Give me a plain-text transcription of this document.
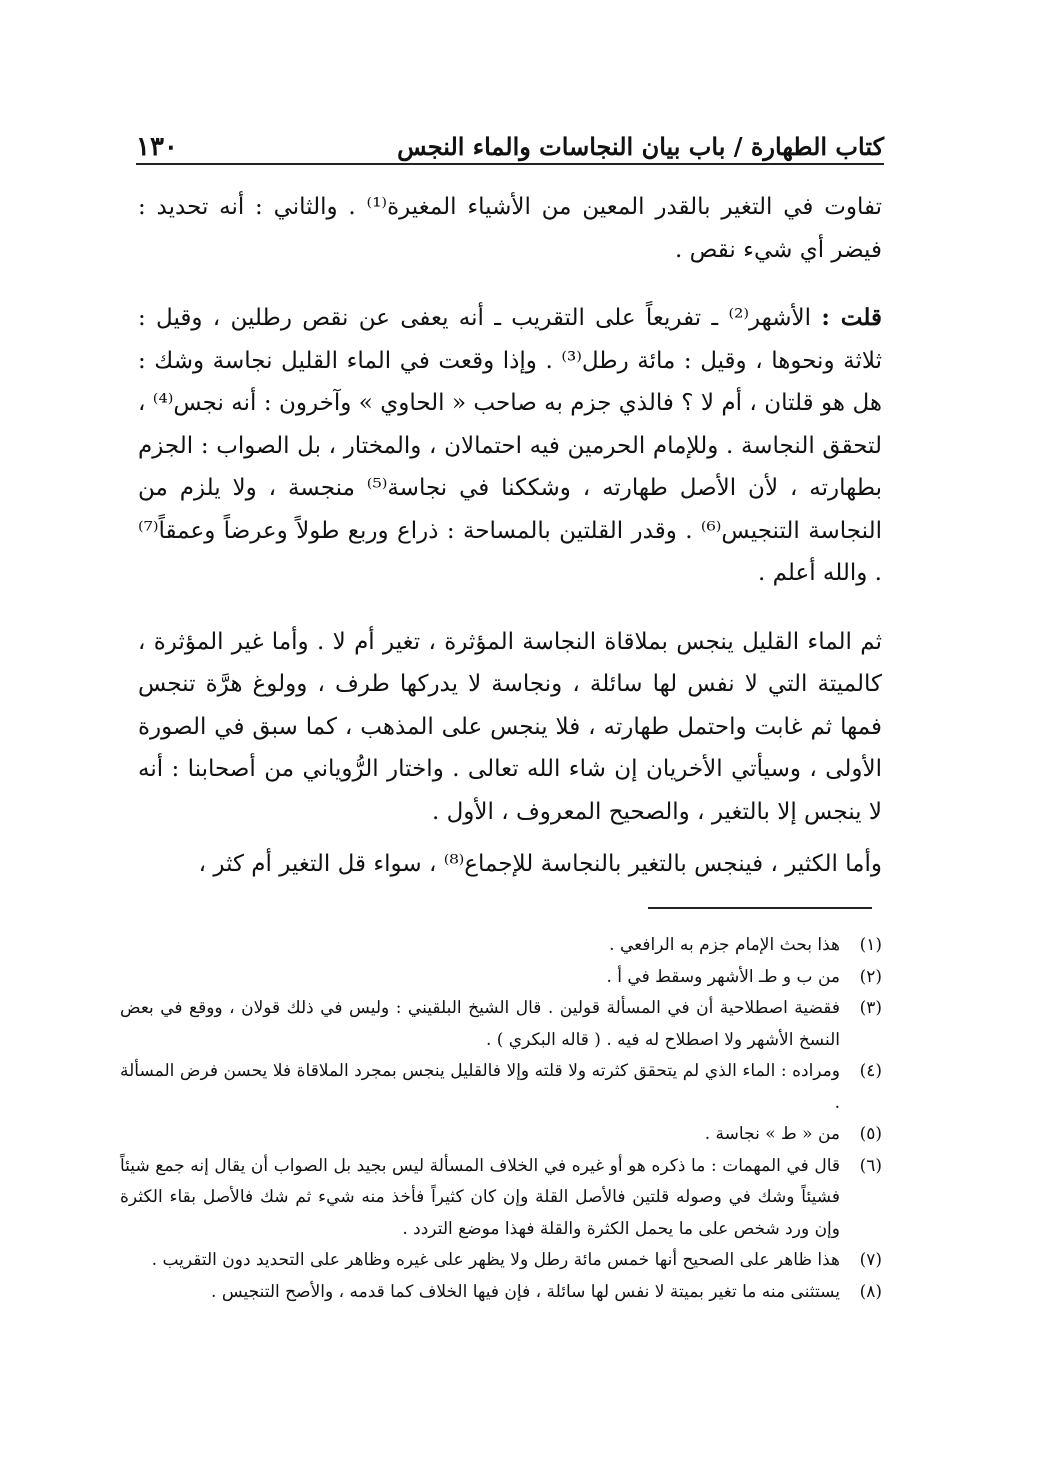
كتاب الطهارة / باب بيان النجاسات والماء النجس
١٣٠

تفاوت في التغير بالقدر المعين من الأشياء المغيرة⁽¹⁾ . والثاني : أنه تحديد : فيضر أي شيء نقص .

قلت : الأشهر⁽²⁾ ـ تفريعاً على التقريب ـ أنه يعفى عن نقص رطلين ، وقيل : ثلاثة ونحوها ، وقيل : مائة رطل⁽³⁾ . وإذا وقعت في الماء القليل نجاسة وشك : هل هو قلتان ، أم لا ؟ فالذي جزم به صاحب « الحاوي » وآخرون : أنه نجس⁽⁴⁾ ، لتحقق النجاسة . وللإمام الحرمين فيه احتمالان ، والمختار ، بل الصواب : الجزم بطهارته ، لأن الأصل طهارته ، وشككنا في نجاسة⁽⁵⁾ منجسة ، ولا يلزم من النجاسة التنجيس⁽⁶⁾ . وقدر القلتين بالمساحة : ذراع وربع طولاً وعرضاً وعمقاً⁽⁷⁾ . والله أعلم .

ثم الماء القليل ينجس بملاقاة النجاسة المؤثرة ، تغير أم لا . وأما غير المؤثرة ، كالميتة التي لا نفس لها سائلة ، ونجاسة لا يدركها طرف ، وولوغ هرَّة تنجس فمها ثم غابت واحتمل طهارته ، فلا ينجس على المذهب ، كما سبق في الصورة الأولى ، وسيأتي الأخريان إن شاء الله تعالى . واختار الرُّوياني من أصحابنا : أنه لا ينجس إلا بالتغير ، والصحيح المعروف ، الأول .

وأما الكثير ، فينجس بالتغير بالنجاسة للإجماع⁽⁸⁾ ، سواء قل التغير أم كثر ،

(١)
هذا بحث الإمام جزم به الرافعي .
(٢)
من ب و طـ الأشهر وسقط في أ .
(٣)
فقضية اصطلاحية أن في المسألة قولين . قال الشيخ البلقيني : وليس في ذلك قولان ، ووقع في بعض النسخ الأشهر ولا اصطلاح له فيه . ( قاله البكري ) .
(٤)
ومراده : الماء الذي لم يتحقق كثرته ولا قلته وإلا فالقليل ينجس بمجرد الملاقاة فلا يحسن فرض المسألة .
(٥)
من « ط » نجاسة .
(٦)
قال في المهمات : ما ذكره هو أو غيره في الخلاف المسألة ليس بجيد بل الصواب أن يقال إنه جمع شيئاً فشيئاً وشك في وصوله قلتين فالأصل القلة وإن كان كثيراً فأخذ منه شيء ثم شك فالأصل بقاء الكثرة وإن ورد شخص على ما يحمل الكثرة والقلة فهذا موضع التردد .
(٧)
هذا ظاهر على الصحيح أنها خمس مائة رطل ولا يظهر على غيره وظاهر على التحديد دون التقريب .
(٨)
يستثنى منه ما تغير بميتة لا نفس لها سائلة ، فإن فيها الخلاف كما قدمه ، والأصح التنجيس .
